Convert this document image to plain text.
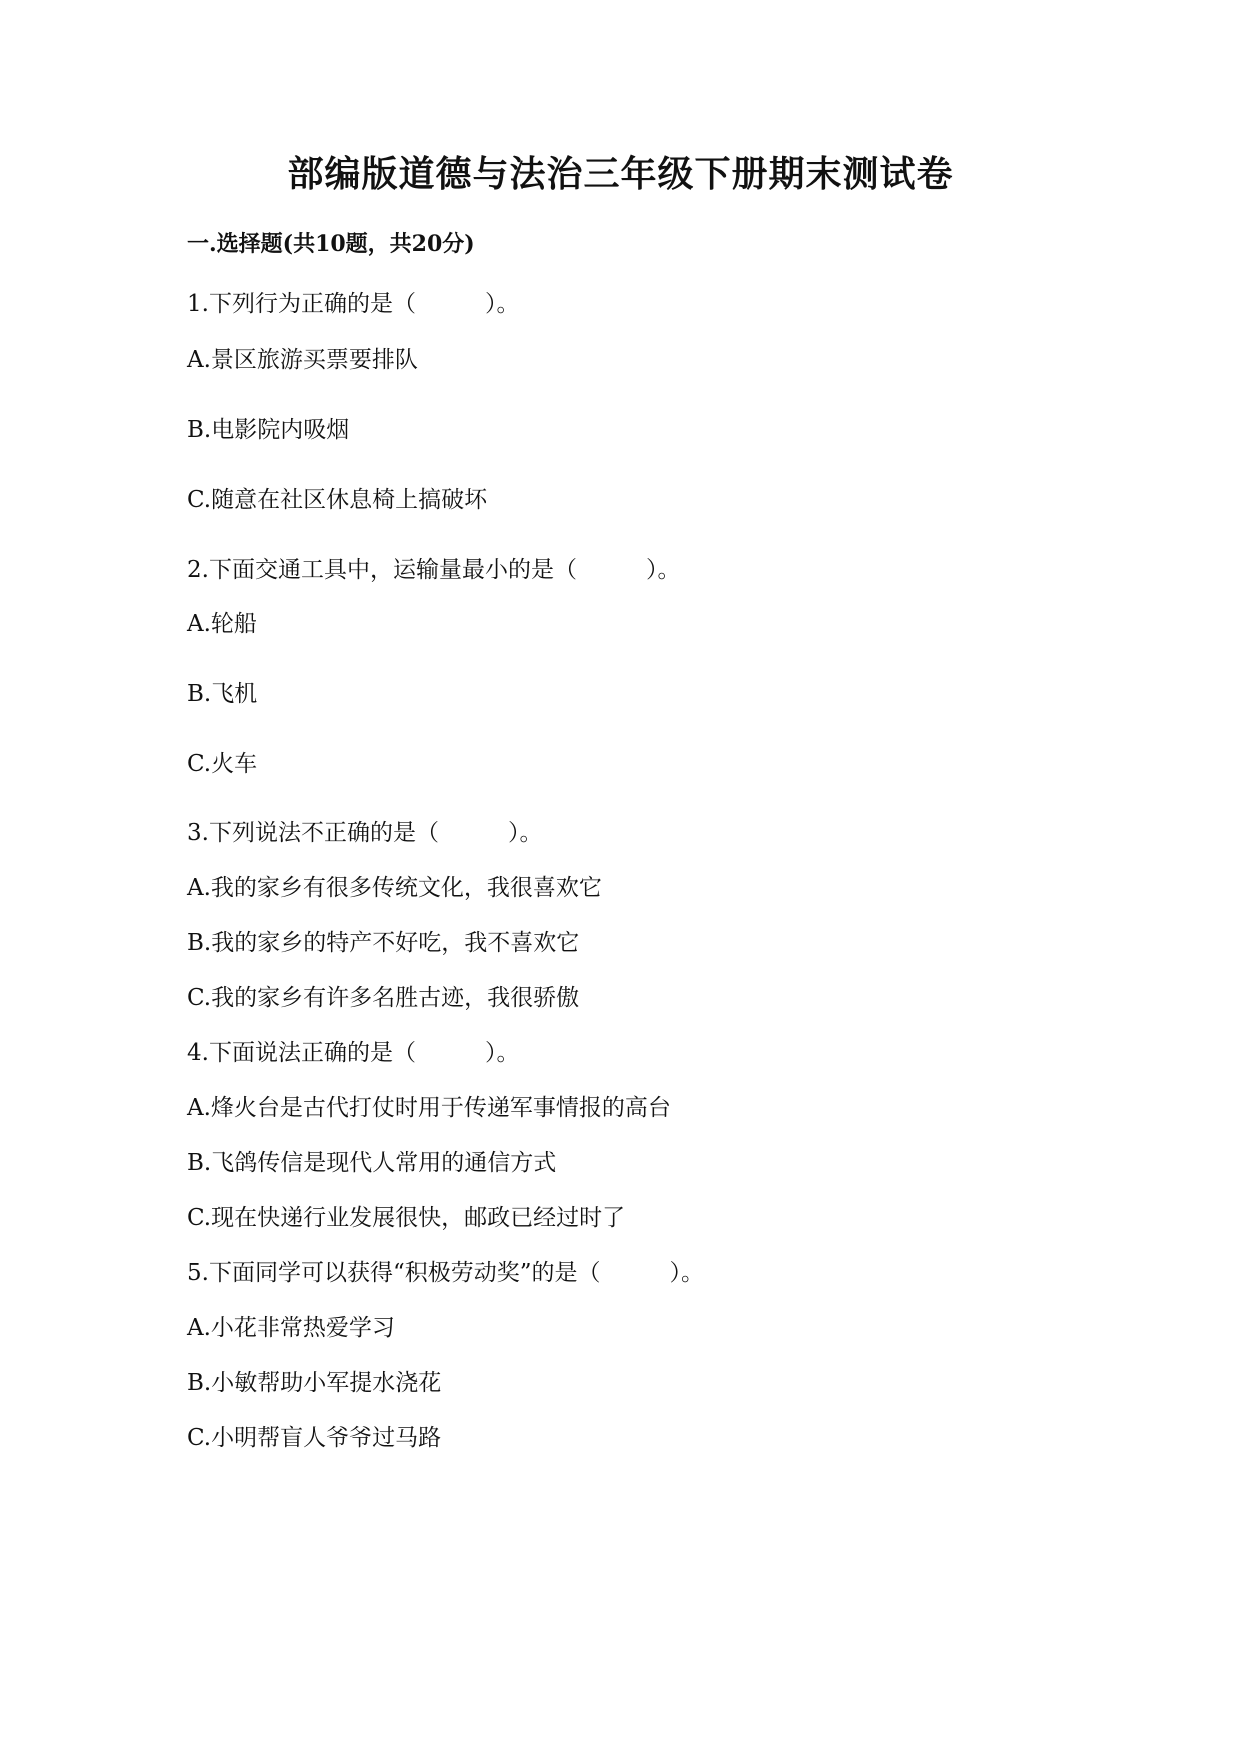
部编版道德与法治三年级下册期末测试卷
一.选择题(共10题，共20分)

1.下列行为正确的是（　　　）。

A.景区旅游买票要排队

B.电影院内吸烟

C.随意在社区休息椅上搞破坏

2.下面交通工具中，运输量最小的是（　　　）。

A.轮船

B.飞机

C.火车

3.下列说法不正确的是（　　　）。

A.我的家乡有很多传统文化，我很喜欢它

B.我的家乡的特产不好吃，我不喜欢它

C.我的家乡有许多名胜古迹，我很骄傲

4.下面说法正确的是（　　　）。

A.烽火台是古代打仗时用于传递军事情报的高台

B.飞鸽传信是现代人常用的通信方式

C.现在快递行业发展很快，邮政已经过时了

5.下面同学可以获得“积极劳动奖”的是（　　　）。

A.小花非常热爱学习

B.小敏帮助小军提水浇花

C.小明帮盲人爷爷过马路
